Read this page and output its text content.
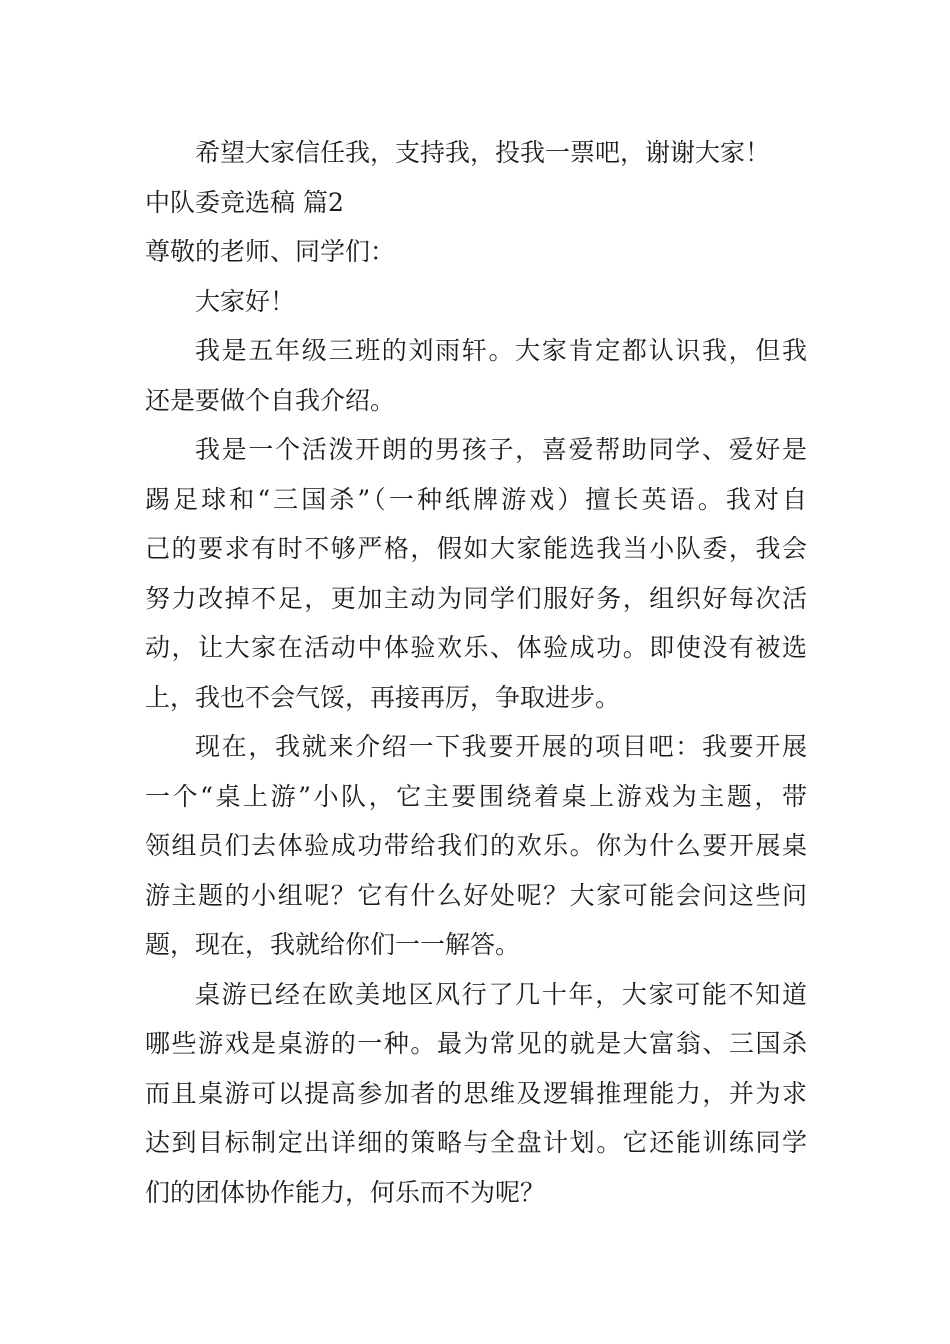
希望大家信任我，支持我，投我一票吧，谢谢大家！
中队委竞选稿 篇2
尊敬的老师、同学们：
大家好！
我是五年级三班的刘雨轩。大家肯定都认识我，但我
还是要做个自我介绍。
我是一个活泼开朗的男孩子，喜爱帮助同学、爱好是
踢足球和“三国杀”（一种纸牌游戏）擅长英语。我对自
己的要求有时不够严格，假如大家能选我当小队委，我会
努力改掉不足，更加主动为同学们服好务，组织好每次活
动，让大家在活动中体验欢乐、体验成功。即使没有被选
上，我也不会气馁，再接再厉，争取进步。
现在，我就来介绍一下我要开展的项目吧：我要开展
一个“桌上游”小队，它主要围绕着桌上游戏为主题，带
领组员们去体验成功带给我们的欢乐。你为什么要开展桌
游主题的小组呢？它有什么好处呢？大家可能会问这些问
题，现在，我就给你们一一解答。
桌游已经在欧美地区风行了几十年，大家可能不知道
哪些游戏是桌游的一种。最为常见的就是大富翁、三国杀
而且桌游可以提高参加者的思维及逻辑推理能力，并为求
达到目标制定出详细的策略与全盘计划。它还能训练同学
们的团体协作能力，何乐而不为呢？
